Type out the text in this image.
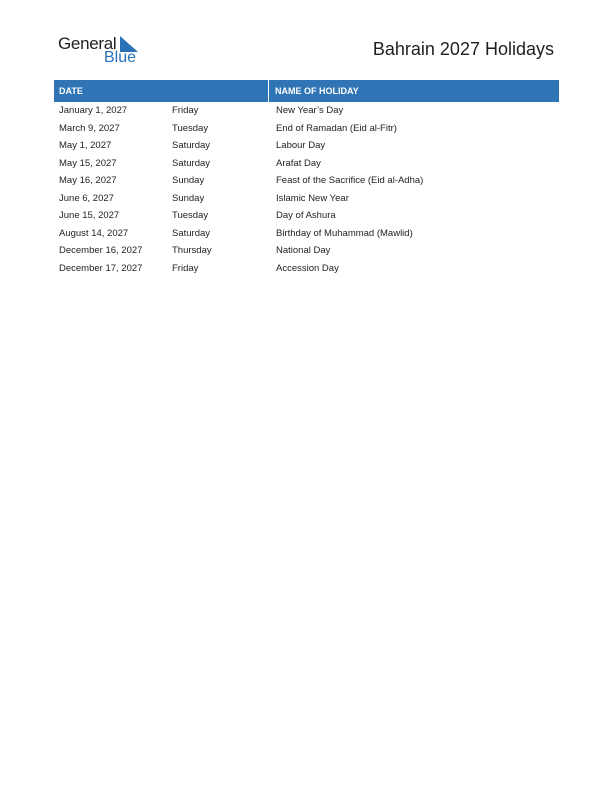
General
Blue	Bahrain 2027 Holidays
DATE	NAME OF HOLIDAY
January 1, 2027	Friday	New Year’s Day
March 9, 2027	Tuesday	End of Ramadan (Eid al-Fitr)
May 1, 2027	Saturday	Labour Day
May 15, 2027	Saturday	Arafat Day
May 16, 2027	Sunday	Feast of the Sacrifice (Eid al-Adha)
June 6, 2027	Sunday	Islamic New Year
June 15, 2027	Tuesday	Day of Ashura
August 14, 2027	Saturday	Birthday of Muhammad (Mawlid)
December 16, 2027	Thursday	National Day
December 17, 2027	Friday	Accession Day
